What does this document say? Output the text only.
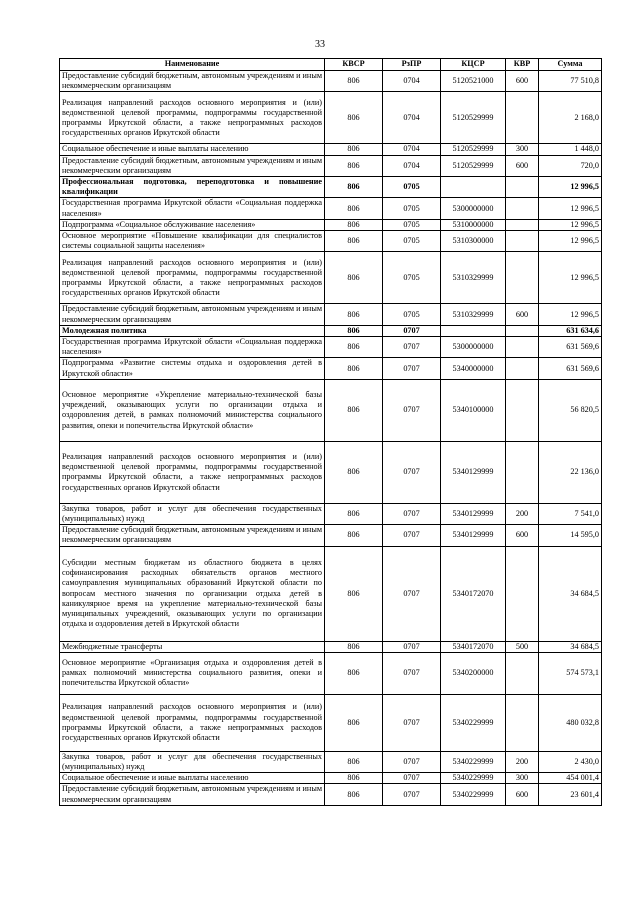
33
Наименование	КВСР	РзПР	КЦСР	КВР	Сумма
Предоставление субсидий бюджетным, автономным учреждениям и иным некоммерческим организациям	806	0704	5120521000	600	77 510,8
Реализация направлений расходов основного мероприятия и (или) ведомственной целевой программы, подпрограммы государственной программы Иркутской области, а также непрограммных расходов государственных органов Иркутской области	806	0704	5120529999		2 168,0
Социальное обеспечение и иные выплаты населению	806	0704	5120529999	300	1 448,0
Предоставление субсидий бюджетным, автономным учреждениям и иным некоммерческим организациям	806	0704	5120529999	600	720,0
Профессиональная подготовка, переподготовка и повышение квалификации	806	0705			12 996,5
Государственная программа Иркутской области «Социальная поддержка населения»	806	0705	5300000000		12 996,5
Подпрограмма «Социальное обслуживание населения»	806	0705	5310000000		12 996,5
Основное мероприятие «Повышение квалификации для специалистов системы социальной защиты населения»	806	0705	5310300000		12 996,5
Реализация направлений расходов основного мероприятия и (или) ведомственной целевой программы, подпрограммы государственной программы Иркутской области, а также непрограммных расходов государственных органов Иркутской области	806	0705	5310329999		12 996,5
Предоставление субсидий бюджетным, автономным учреждениям и иным некоммерческим организациям	806	0705	5310329999	600	12 996,5
Молодежная политика	806	0707			631 634,6
Государственная программа Иркутской области «Социальная поддержка населения»	806	0707	5300000000		631 569,6
Подпрограмма «Развитие системы отдыха и оздоровления детей в Иркутской области»	806	0707	5340000000		631 569,6
Основное мероприятие «Укрепление материально-технической базы учреждений, оказывающих услуги по организации отдыха и оздоровления детей, в рамках полномочий министерства социального развития, опеки и попечительства Иркутской области»	806	0707	5340100000		56 820,5
Реализация направлений расходов основного мероприятия и (или) ведомственной целевой программы, подпрограммы государственной программы Иркутской области, а также непрограммных расходов государственных органов Иркутской области	806	0707	5340129999		22 136,0
Закупка товаров, работ и услуг для обеспечения государственных (муниципальных) нужд	806	0707	5340129999	200	7 541,0
Предоставление субсидий бюджетным, автономным учреждениям и иным некоммерческим организациям	806	0707	5340129999	600	14 595,0
Субсидии местным бюджетам из областного бюджета в целях софинансирования расходных обязательств органов местного самоуправления муниципальных образований Иркутской области по вопросам местного значения по организации отдыха детей в каникулярное время на укрепление материально-технической базы муниципальных учреждений, оказывающих услуги по организации отдыха и оздоровления детей в Иркутской области	806	0707	5340172070		34 684,5
Межбюджетные трансферты	806	0707	5340172070	500	34 684,5
Основное мероприятие «Организация отдыха и оздоровления детей в рамках полномочий министерства социального развития, опеки и попечительства Иркутской области»	806	0707	5340200000		574 573,1
Реализация направлений расходов основного мероприятия и (или) ведомственной целевой программы, подпрограммы государственной программы Иркутской области, а также непрограммных расходов государственных органов Иркутской области	806	0707	5340229999		480 032,8
Закупка товаров, работ и услуг для обеспечения государственных (муниципальных) нужд	806	0707	5340229999	200	2 430,0
Социальное обеспечение и иные выплаты населению	806	0707	5340229999	300	454 001,4
Предоставление субсидий бюджетным, автономным учреждениям и иным некоммерческим организациям	806	0707	5340229999	600	23 601,4
